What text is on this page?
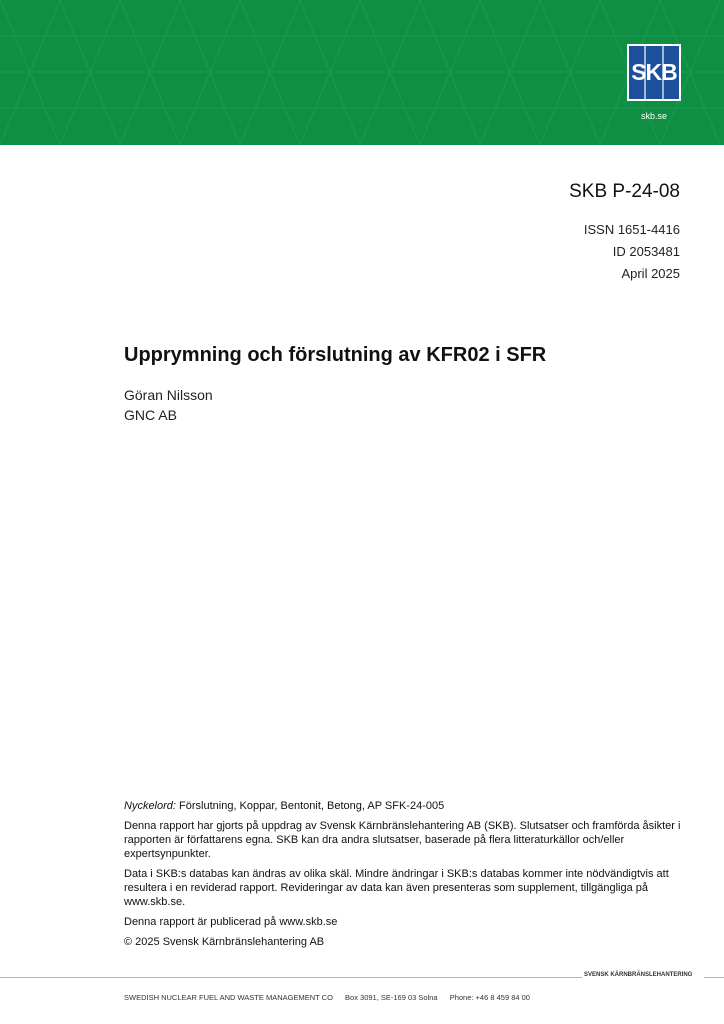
SKB
skb.se
SKB P-24-08
ISSN 1651-4416
ID 2053481
April 2025
Upprymning och förslutning av KFR02 i SFR
Göran Nilsson
GNC AB

Nyckelord: Förslutning, Koppar, Bentonit, Betong, AP SFK-24-005

Denna rapport har gjorts på uppdrag av Svensk Kärnbränslehantering AB (SKB). Slutsatser och framförda åsikter i rapporten är författarens egna. SKB kan dra andra slutsatser, baserade på flera litteraturkällor och/eller expertsynpunkter.

Data i SKB:s databas kan ändras av olika skäl. Mindre ändringar i SKB:s databas kommer inte nödvändigtvis att resultera i en reviderad rapport. Revideringar av data kan även presenteras som supplement, tillgängliga på www.skb.se.

Denna rapport är publicerad på www.skb.se

© 2025 Svensk Kärnbränslehantering AB

SVENSK KÄRNBRÄNSLEHANTERING
SWEDISH NUCLEAR FUEL AND WASTE MANAGEMENT CO Box 3091, SE-169 03 Solna Phone: +46 8 459 84 00
